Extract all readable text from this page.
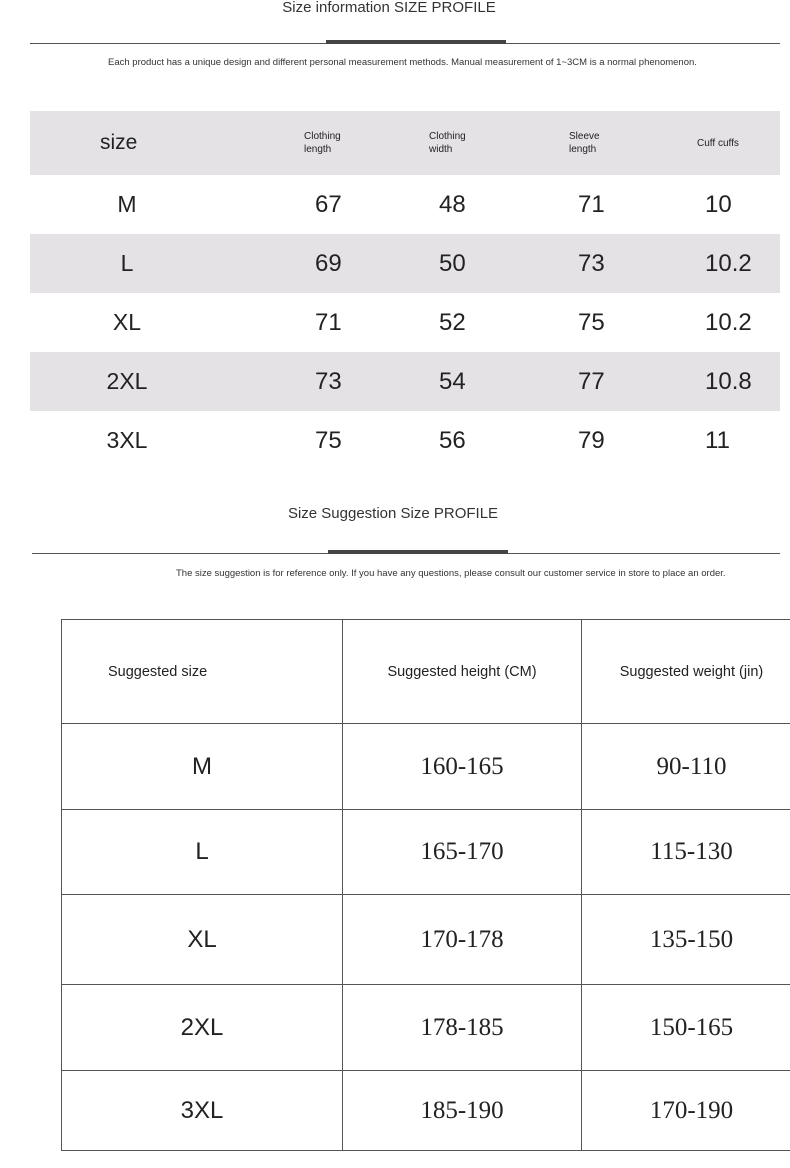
Size information SIZE PROFILE
Each product has a unique design and different personal measurement methods. Manual measurement of 1~3CM is a normal phenomenon.
size	Clothing length	Clothing width	Sleeve length	Cuff cuffs
M	67	48	71	10
L	69	50	73	10.2
XL	71	52	75	10.2
2XL	73	54	77	10.8
3XL	75	56	79	11
Size Suggestion Size PROFILE
The size suggestion is for reference only. If you have any questions, please consult our customer service in store to place an order.
Suggested size	Suggested height (CM)	Suggested weight (jin)
M	160-165	90-110
L	165-170	115-130
XL	170-178	135-150
2XL	178-185	150-165
3XL	185-190	170-190
